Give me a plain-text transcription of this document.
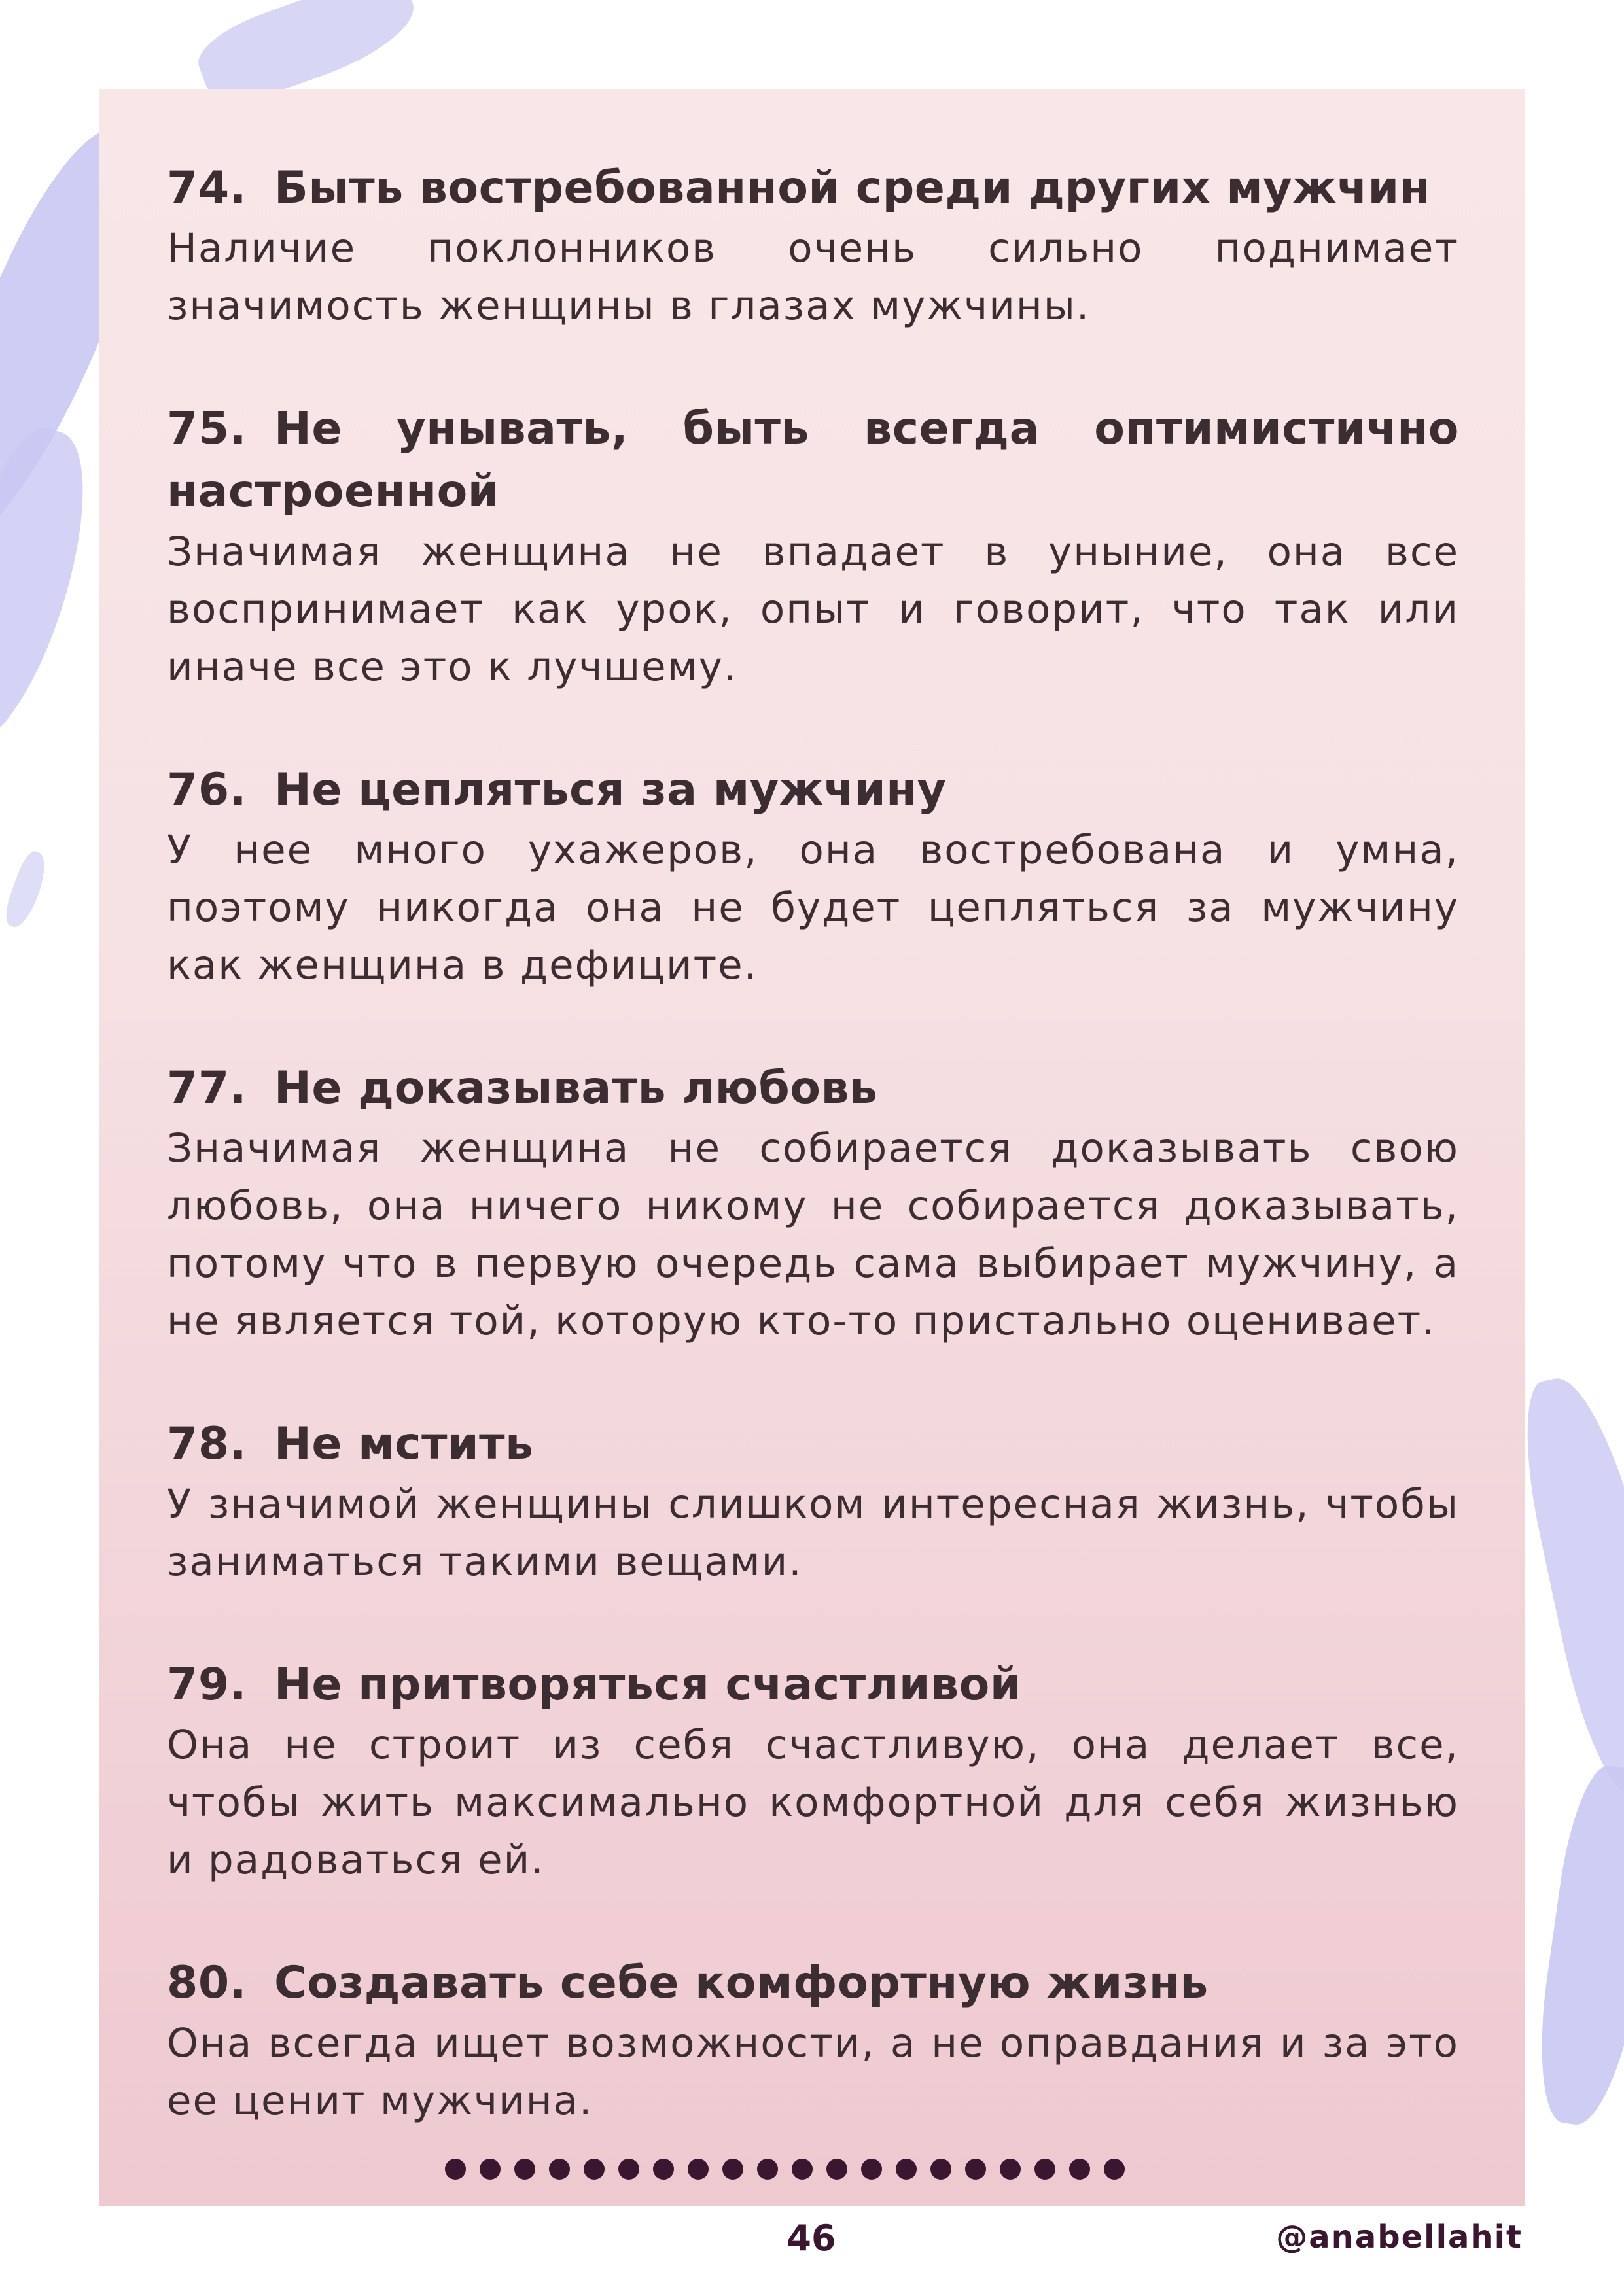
74. Быть востребованной среди других мужчин
Наличие поклонников очень сильно поднимает значимость женщины в глазах мужчины.
75. Не унывать, быть всегда оптимистично настроенной
Значимая женщина не впадает в уныние, она все воспринимает как урок, опыт и говорит, что так или иначе все это к лучшему.
76. Не цепляться за мужчину
У нее много ухажеров, она востребована и умна, поэтому никогда она не будет цепляться за мужчину как женщина в дефиците.
77. Не доказывать любовь
Значимая женщина не собирается доказывать свою любовь, она ничего никому не собирается доказывать, потому что в первую очередь сама выбирает мужчину, а не является той, которую кто-то пристально оценивает.
78. Не мстить
У значимой женщины слишком интересная жизнь, чтобы заниматься такими вещами.
79. Не притворяться счастливой
Она не строит из себя счастливую, она делает все, чтобы жить максимально комфортной для себя жизнью и радоваться ей.
80. Создавать себе комфортную жизнь
Она всегда ищет возможности, а не оправдания и за это ее ценит мужчина.
46	@anabellahit
